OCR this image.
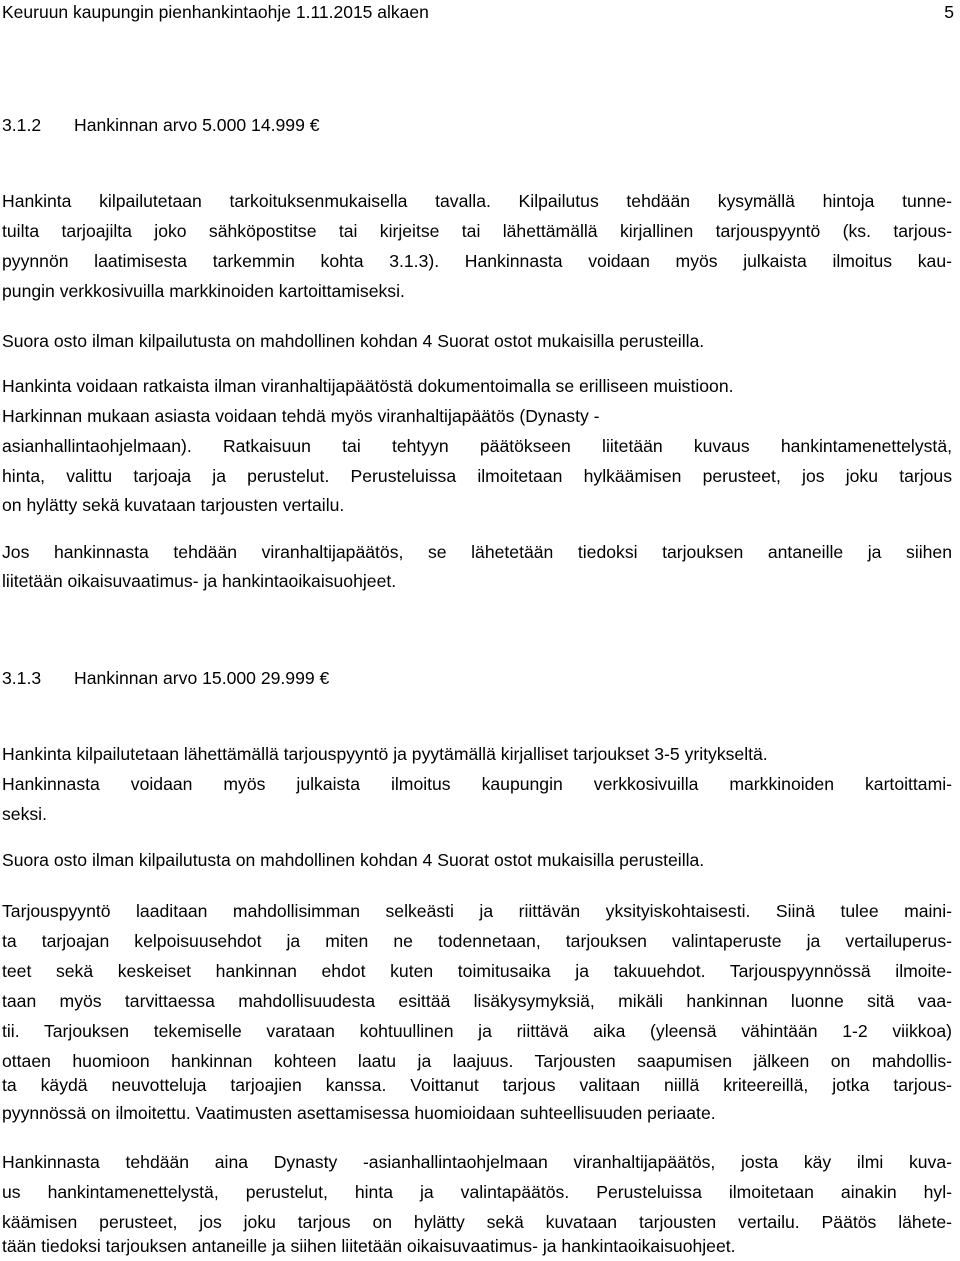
Keuruun kaupungin pienhankintaohje 1.11.2015 alkaen	5
3.1.2 Hankinnan arvo 5.000 14.999 €
Hankinta kilpailutetaan tarkoituksenmukaisella tavalla. Kilpailutus tehdään kysymällä hintoja tunne-
tuilta tarjoajilta joko sähköpostitse tai kirjeitse tai lähettämällä kirjallinen tarjouspyyntö (ks. tarjous-
pyynnön laatimisesta tarkemmin kohta 3.1.3). Hankinnasta voidaan myös julkaista ilmoitus kau-
pungin verkkosivuilla markkinoiden kartoittamiseksi.
Suora osto ilman kilpailutusta on mahdollinen kohdan 4 Suorat ostot mukaisilla perusteilla.
Hankinta voidaan ratkaista ilman viranhaltijapäätöstä dokumentoimalla se erilliseen muistioon.
Harkinnan mukaan asiasta voidaan tehdä myös viranhaltijapäätös (Dynasty -
asianhallintaohjelmaan). Ratkaisuun tai tehtyyn päätökseen liitetään kuvaus hankintamenettelystä,
hinta, valittu tarjoaja ja perustelut. Perusteluissa ilmoitetaan hylkäämisen perusteet, jos joku tarjous
on hylätty sekä kuvataan tarjousten vertailu.
Jos hankinnasta tehdään viranhaltijapäätös, se lähetetään tiedoksi tarjouksen antaneille ja siihen
liitetään oikaisuvaatimus- ja hankintaoikaisuohjeet.
3.1.3 Hankinnan arvo 15.000 29.999 €
Hankinta kilpailutetaan lähettämällä tarjouspyyntö ja pyytämällä kirjalliset tarjoukset 3-5 yritykseltä.
Hankinnasta voidaan myös julkaista ilmoitus kaupungin verkkosivuilla markkinoiden kartoittami-
seksi.
Suora osto ilman kilpailutusta on mahdollinen kohdan 4 Suorat ostot mukaisilla perusteilla.
Tarjouspyyntö laaditaan mahdollisimman selkeästi ja riittävän yksityiskohtaisesti. Siinä tulee maini-
ta tarjoajan kelpoisuusehdot ja miten ne todennetaan, tarjouksen valintaperuste ja vertailuperus-
teet sekä keskeiset hankinnan ehdot kuten toimitusaika ja takuuehdot. Tarjouspyynnössä ilmoite-
taan myös tarvittaessa mahdollisuudesta esittää lisäkysymyksiä, mikäli hankinnan luonne sitä vaa-
tii. Tarjouksen tekemiselle varataan kohtuullinen ja riittävä aika (yleensä vähintään 1-2 viikkoa)
ottaen huomioon hankinnan kohteen laatu ja laajuus. Tarjousten saapumisen jälkeen on mahdollis-
ta käydä neuvotteluja tarjoajien kanssa. Voittanut tarjous valitaan niillä kriteereillä, jotka tarjous-
pyynnössä on ilmoitettu. Vaatimusten asettamisessa huomioidaan suhteellisuuden periaate.
Hankinnasta tehdään aina Dynasty -asianhallintaohjelmaan viranhaltijapäätös, josta käy ilmi kuva-
us hankintamenettelystä, perustelut, hinta ja valintapäätös. Perusteluissa ilmoitetaan ainakin hyl-
käämisen perusteet, jos joku tarjous on hylätty sekä kuvataan tarjousten vertailu. Päätös lähete-
tään tiedoksi tarjouksen antaneille ja siihen liitetään oikaisuvaatimus- ja hankintaoikaisuohjeet.
